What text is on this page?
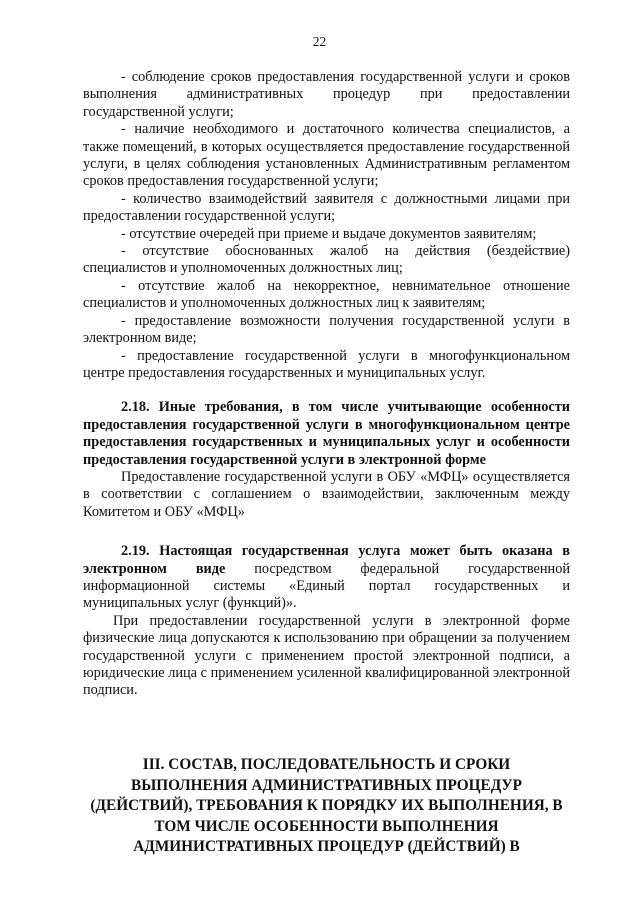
22

- соблюдение сроков предоставления государственной услуги и сроков выполнения административных процедур при предоставлении государственной услуги;

- наличие необходимого и достаточного количества специалистов, а также помещений, в которых осуществляется предоставление государственной услуги, в целях соблюдения установленных Административным регламентом сроков предоставления государственной услуги;

- количество взаимодействий заявителя с должностными лицами при предоставлении государственной услуги;

- отсутствие очередей при приеме и выдаче документов заявителям;

- отсутствие обоснованных жалоб на действия (бездействие) специалистов и уполномоченных должностных лиц;

- отсутствие жалоб на некорректное, невнимательное отношение специалистов и уполномоченных должностных лиц к заявителям;

- предоставление возможности получения государственной услуги в электронном виде;

- предоставление государственной услуги в многофункциональном центре предоставления государственных и муниципальных услуг.

2.18. Иные требования, в том числе учитывающие особенности предоставления государственной услуги в многофункциональном центре предоставления государственных и муниципальных услуг и особенности предоставления государственной услуги в электронной форме

Предоставление государственной услуги в ОБУ «МФЦ» осуществляется в соответствии с соглашением о взаимодействии, заключенным между Комитетом и ОБУ «МФЦ»

2.19. Настоящая государственная услуга может быть оказана в электронном виде посредством федеральной государственной информационной системы «Единый портал государственных и муниципальных услуг (функций)».

При предоставлении государственной услуги в электронной форме физические лица допускаются к использованию при обращении за получением государственной услуги с применением простой электронной подписи, а юридические лица с применением усиленной квалифицированной электронной подписи.

III. СОСТАВ, ПОСЛЕДОВАТЕЛЬНОСТЬ И СРОКИ
ВЫПОЛНЕНИЯ АДМИНИСТРАТИВНЫХ ПРОЦЕДУР
(ДЕЙСТВИЙ), ТРЕБОВАНИЯ К ПОРЯДКУ ИХ ВЫПОЛНЕНИЯ, В
ТОМ ЧИСЛЕ ОСОБЕННОСТИ ВЫПОЛНЕНИЯ
АДМИНИСТРАТИВНЫХ ПРОЦЕДУР (ДЕЙСТВИЙ) В
